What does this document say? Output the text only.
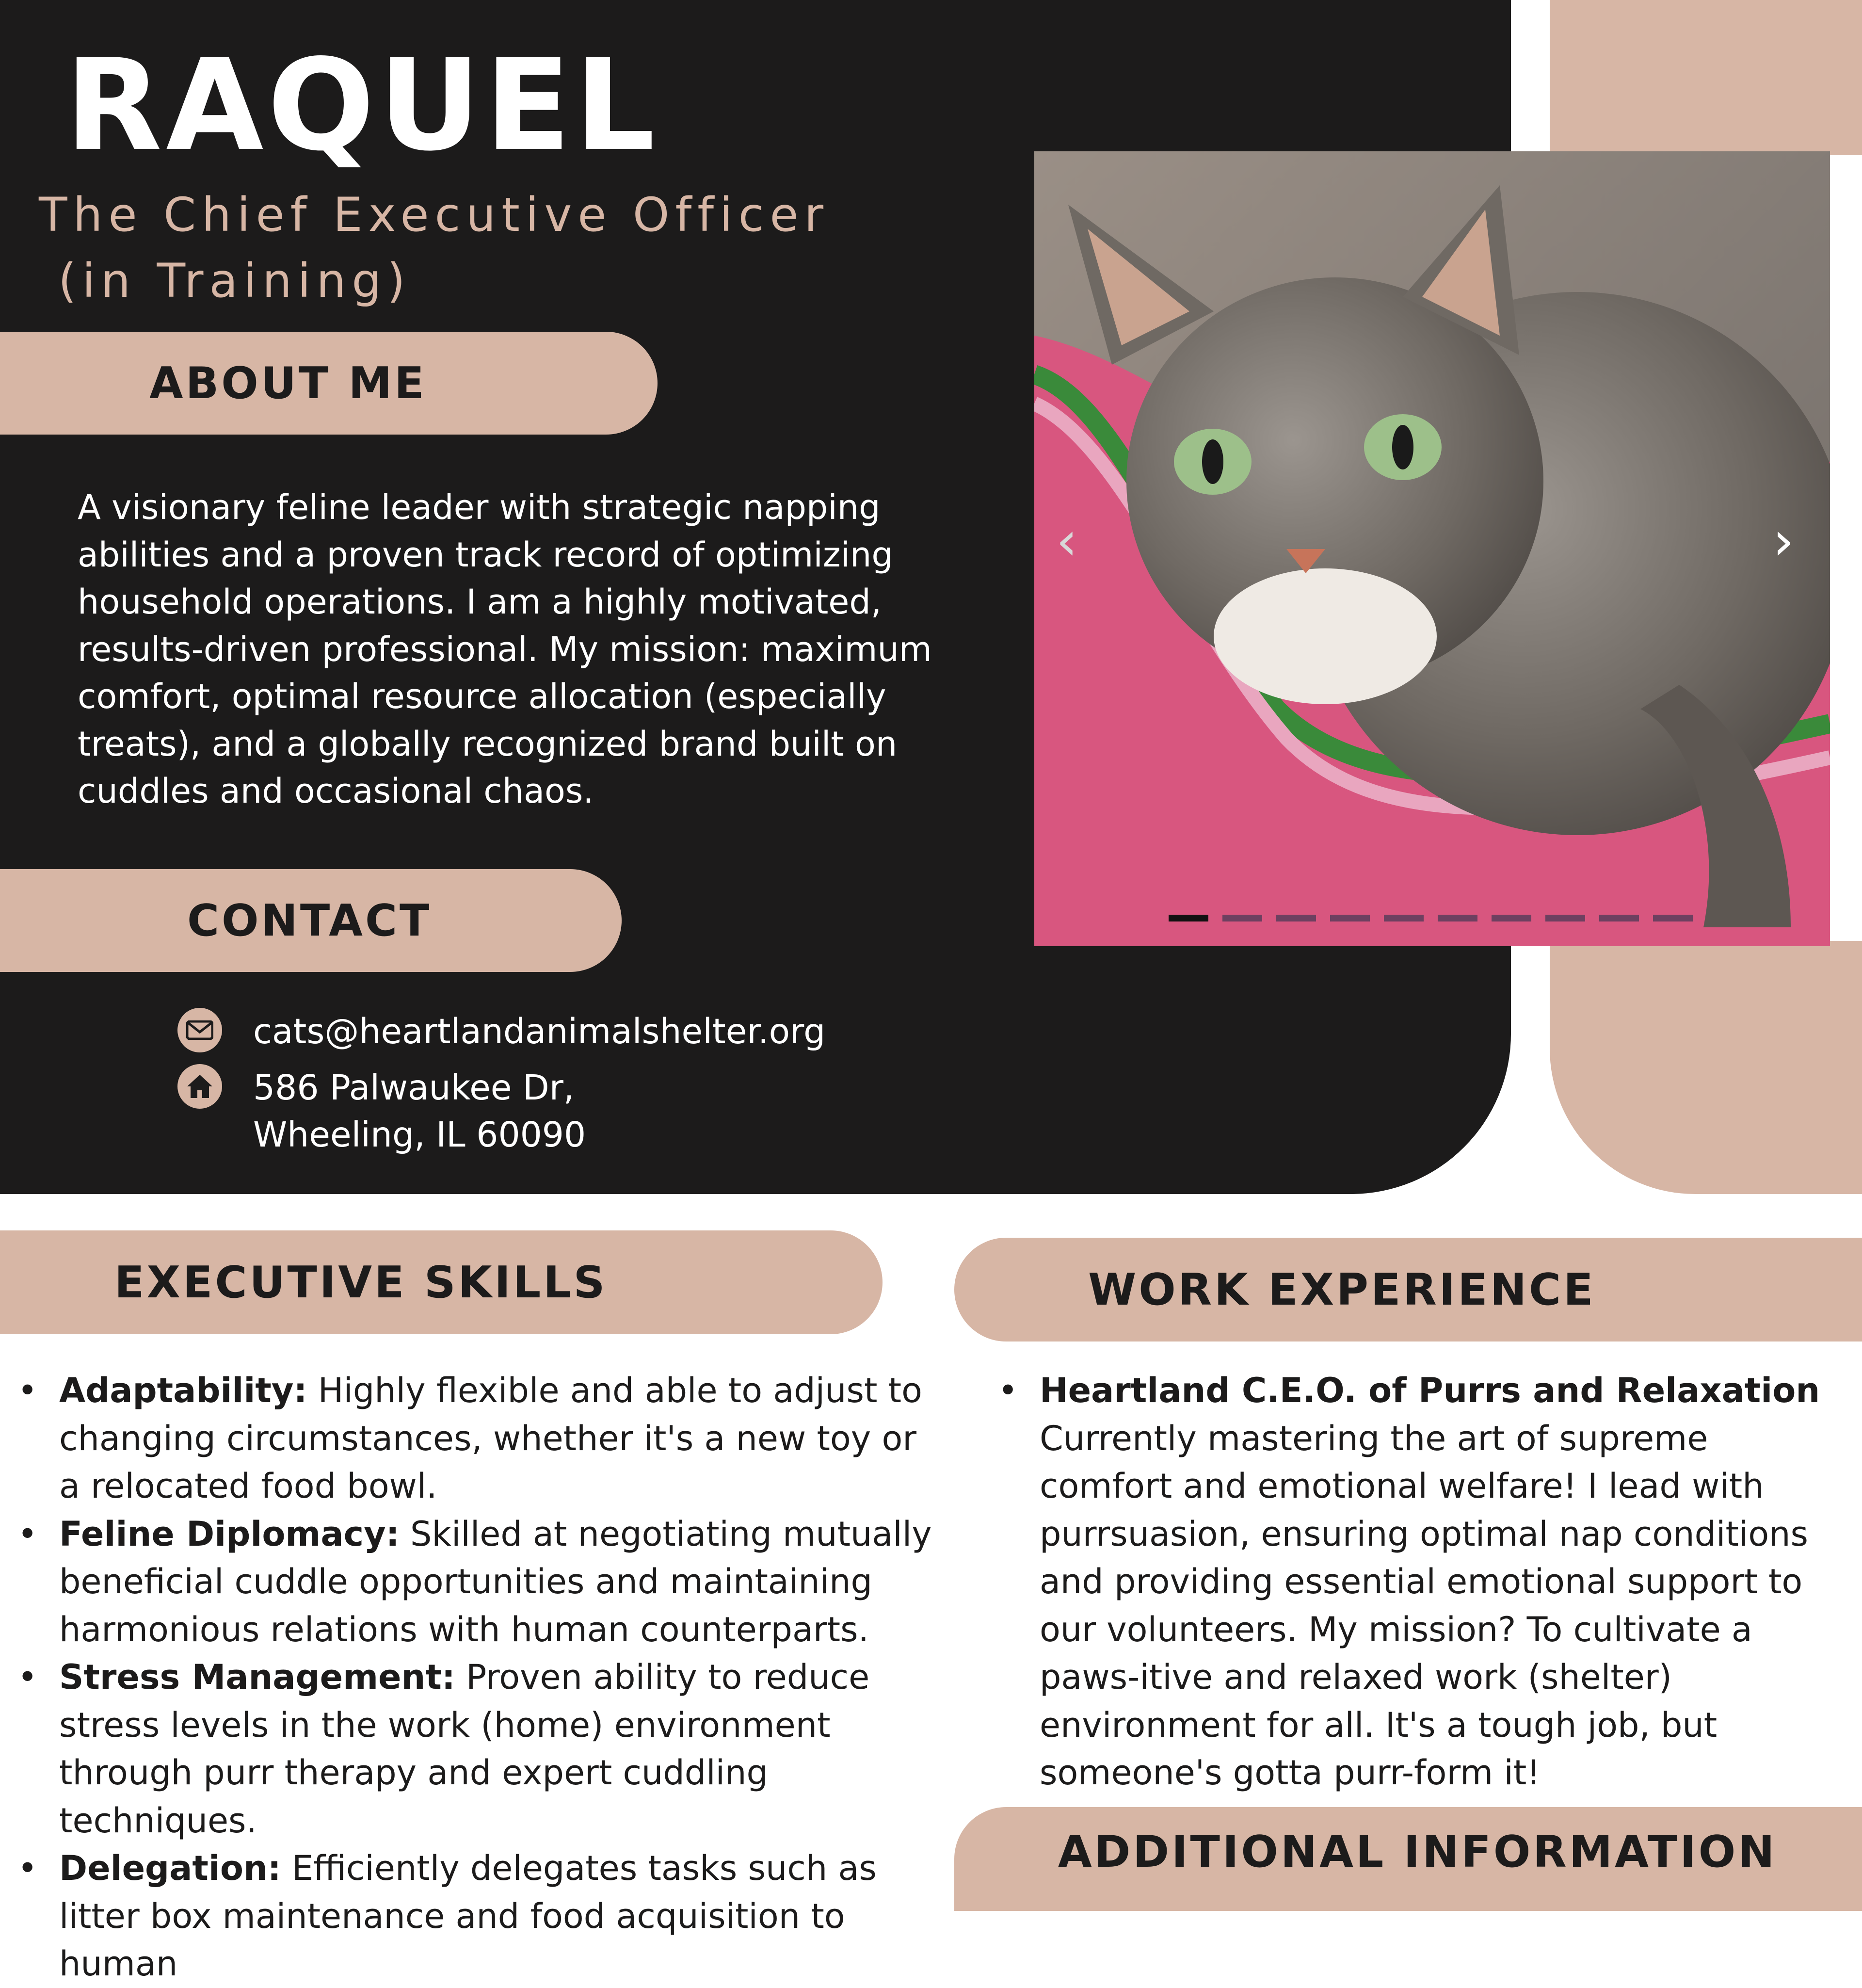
RAQUEL
The Chief Executive Officer
(in Training)
ABOUT ME
A visionary feline leader with strategic napping abilities and a proven track record of optimizing household operations. I am a highly motivated, results-driven professional. My mission: maximum comfort, optimal resource allocation (especially treats), and a globally recognized brand built on cuddles and occasional chaos.
CONTACT
cats@heartlandanimalshelter.org
586 Palwaukee Dr,
Wheeling, IL 60090
‹	›
EXECUTIVE SKILLS	WORK EXPERIENCE
• Adaptability: Highly flexible and able to adjust to changing circumstances, whether it's a new toy or a relocated food bowl.
• Feline Diplomacy: Skilled at negotiating mutually beneficial cuddle opportunities and maintaining harmonious relations with human counterparts.
• Stress Management: Proven ability to reduce stress levels in the work (home) environment through purr therapy and expert cuddling techniques.
• Delegation: Efficiently delegates tasks such as litter box maintenance and food acquisition to human
• Heartland C.E.O. of Purrs and Relaxation
Currently mastering the art of supreme comfort and emotional welfare! I lead with purrsuasion, ensuring optimal nap conditions and providing essential emotional support to our volunteers. My mission? To cultivate a paws-itive and relaxed work (shelter) environment for all. It's a tough job, but someone's gotta purr-form it!
ADDITIONAL INFORMATION
